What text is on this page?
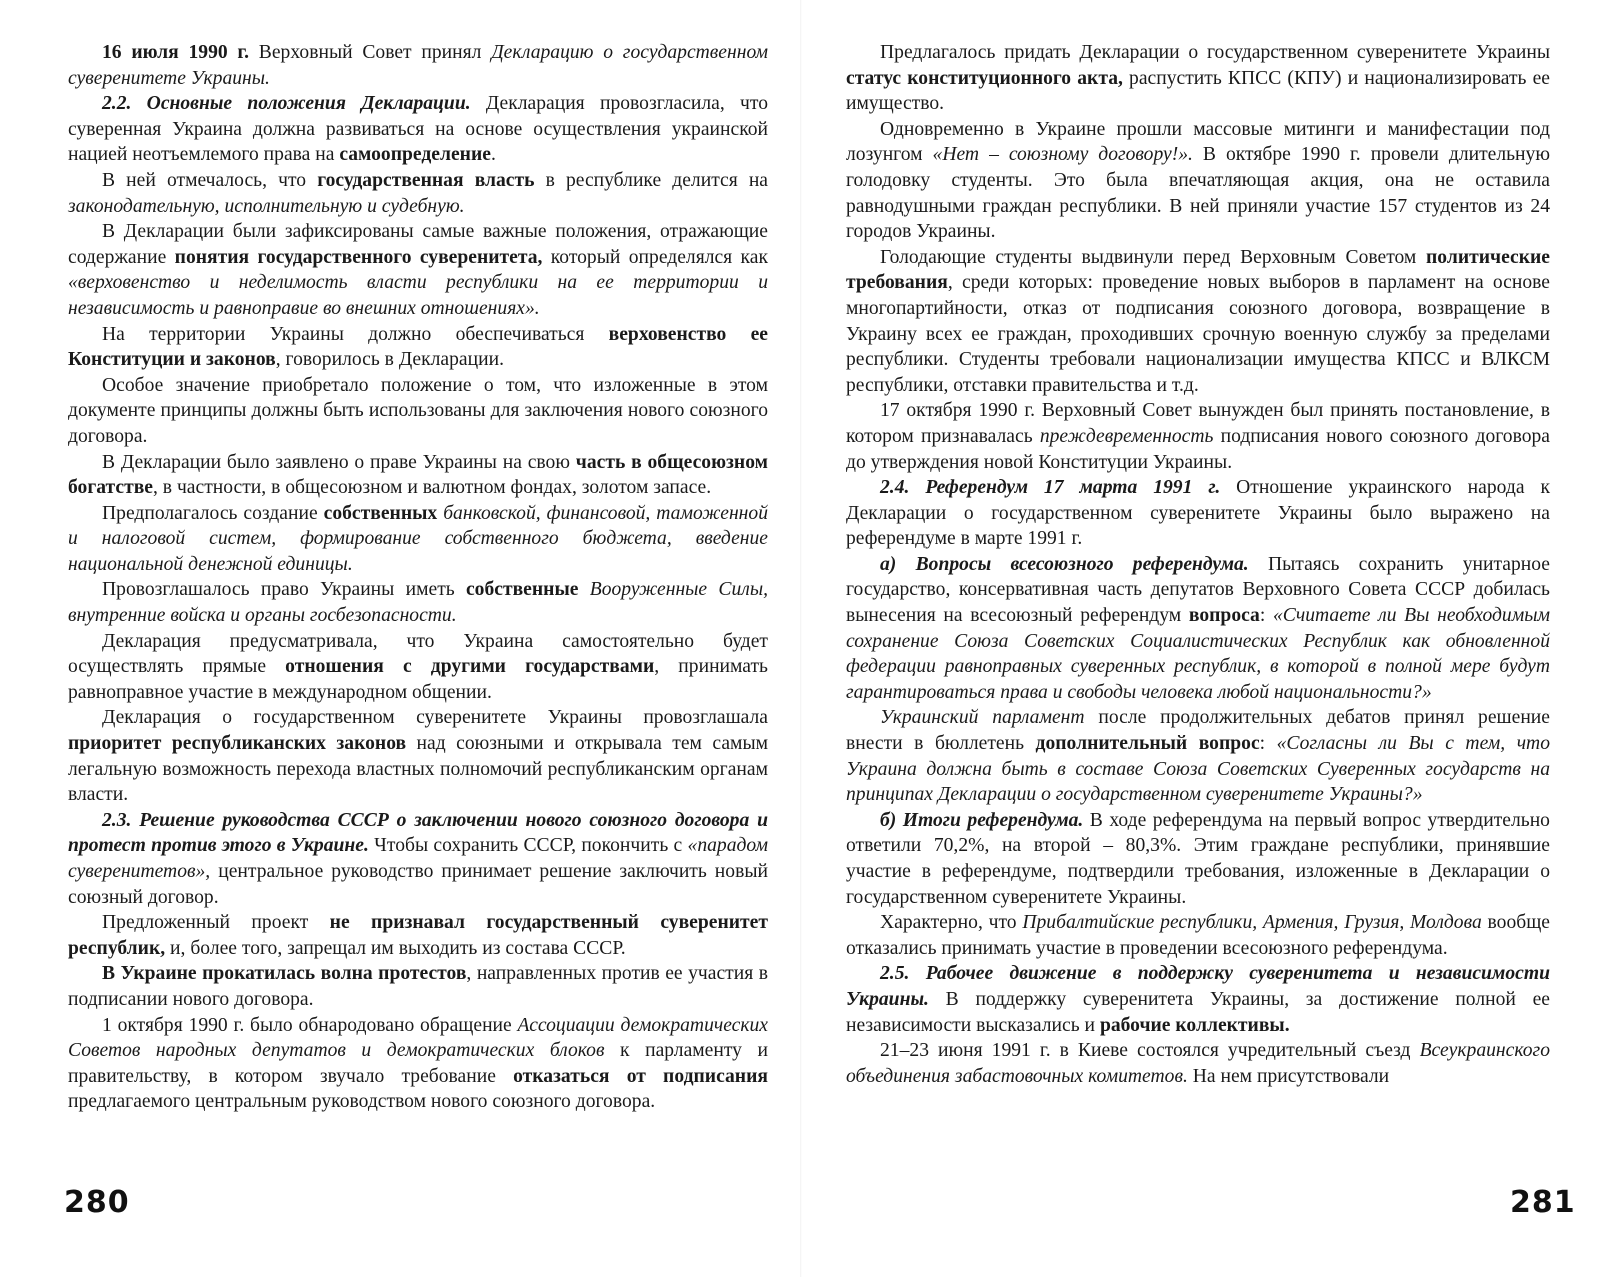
16 июля 1990 г. Верховный Совет принял Декларацию о государственном суверенитете Украины.

2.2. Основные положения Декларации. Декларация провозгласила, что суверенная Украина должна развиваться на основе осуществления украинской нацией неотъемлемого права на самоопределение.

В ней отмечалось, что государственная власть в республике делится на законодательную, исполнительную и судебную.

В Декларации были зафиксированы самые важные положения, отражающие содержание понятия государственного суверенитета, который определялся как «верховенство и неделимость власти республики на ее территории и независимость и равноправие во внешних отношениях».

На территории Украины должно обеспечиваться верховенство ее Конституции и законов, говорилось в Декларации.

Особое значение приобретало положение о том, что изложенные в этом документе принципы должны быть использованы для заключения нового союзного договора.

В Декларации было заявлено о праве Украины на свою часть в общесоюзном богатстве, в частности, в общесоюзном и валютном фондах, золотом запасе.

Предполагалось создание собственных банковской, финансовой, таможенной и налоговой систем, формирование собственного бюджета, введение национальной денежной единицы.

Провозглашалось право Украины иметь собственные Вооруженные Силы, внутренние войска и органы госбезопасности.

Декларация предусматривала, что Украина самостоятельно будет осуществлять прямые отношения с другими государствами, принимать равноправное участие в международном общении.

Декларация о государственном суверенитете Украины провозглашала приоритет республиканских законов над союзными и открывала тем самым легальную возможность перехода властных полномочий республиканским органам власти.

2.3. Решение руководства СССР о заключении нового союзного договора и протест против этого в Украине. Чтобы сохранить СССР, покончить с «парадом суверенитетов», центральное руководство принимает решение заключить новый союзный договор.

Предложенный проект не признавал государственный суверенитет республик, и, более того, запрещал им выходить из состава СССР.

В Украине прокатилась волна протестов, направленных против ее участия в подписании нового договора.

1 октября 1990 г. было обнародовано обращение Ассоциации демократических Советов народных депутатов и демократических блоков к парламенту и правительству, в котором звучало требование отказаться от подписания предлагаемого центральным руководством нового союзного договора.

280

Предлагалось придать Декларации о государственном суверенитете Украины статус конституционного акта, распустить КПСС (КПУ) и национализировать ее имущество.

Одновременно в Украине прошли массовые митинги и манифестации под лозунгом «Нет – союзному договору!». В октябре 1990 г. провели длительную голодовку студенты. Это была впечатляющая акция, она не оставила равнодушными граждан республики. В ней приняли участие 157 студентов из 24 городов Украины.

Голодающие студенты выдвинули перед Верховным Советом политические требования, среди которых: проведение новых выборов в парламент на основе многопартийности, отказ от подписания союзного договора, возвращение в Украину всех ее граждан, проходивших срочную военную службу за пределами республики. Студенты требовали национализации имущества КПСС и ВЛКСМ республики, отставки правительства и т.д.

17 октября 1990 г. Верховный Совет вынужден был принять постановление, в котором признавалась преждевременность подписания нового союзного договора до утверждения новой Конституции Украины.

2.4. Референдум 17 марта 1991 г. Отношение украинского народа к Декларации о государственном суверенитете Украины было выражено на референдуме в марте 1991 г.

а) Вопросы всесоюзного референдума. Пытаясь сохранить унитарное государство, консервативная часть депутатов Верховного Совета СССР добилась вынесения на всесоюзный референдум вопроса: «Считаете ли Вы необходимым сохранение Союза Советских Социалистических Республик как обновленной федерации равноправных суверенных республик, в которой в полной мере будут гарантироваться права и свободы человека любой национальности?»

Украинский парламент после продолжительных дебатов принял решение внести в бюллетень дополнительный вопрос: «Согласны ли Вы с тем, что Украина должна быть в составе Союза Советских Суверенных государств на принципах Декларации о государственном суверенитете Украины?»

б) Итоги референдума. В ходе референдума на первый вопрос утвердительно ответили 70,2%, на второй – 80,3%. Этим граждане республики, принявшие участие в референдуме, подтвердили требования, изложенные в Декларации о государственном суверенитете Украины.

Характерно, что Прибалтийские республики, Армения, Грузия, Молдова вообще отказались принимать участие в проведении всесоюзного референдума.

2.5. Рабочее движение в поддержку суверенитета и независимости Украины. В поддержку суверенитета Украины, за достижение полной ее независимости высказались и рабочие коллективы.

21–23 июня 1991 г. в Киеве состоялся учредительный съезд Всеукраинского объединения забастовочных комитетов. На нем присутствовали

281
